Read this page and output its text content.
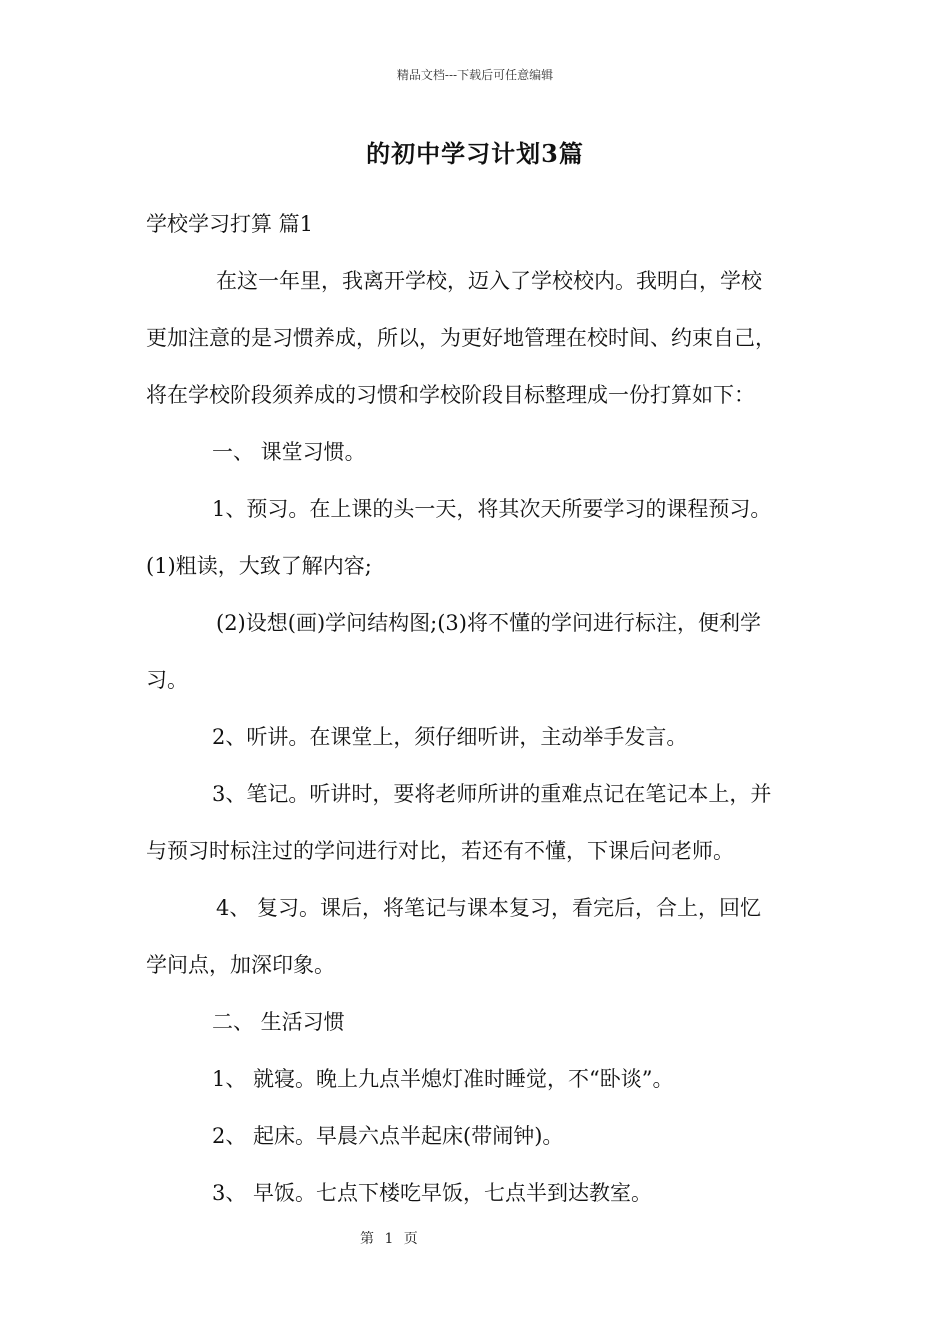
精品文档---下载后可任意编辑
的初中学习计划3篇
学校学习打算 篇1
在这一年里，我离开学校，迈入了学校校内。我明白，学校
更加注意的是习惯养成，所以，为更好地管理在校时间、约束自己，
将在学校阶段须养成的习惯和学校阶段目标整理成一份打算如下：
一、 课堂习惯。
1、预习。在上课的头一天，将其次天所要学习的课程预习。
(1)粗读，大致了解内容;
(2)设想(画)学问结构图;(3)将不懂的学问进行标注，便利学
习。
2、听讲。在课堂上，须仔细听讲，主动举手发言。
3、笔记。听讲时，要将老师所讲的重难点记在笔记本上，并
与预习时标注过的学问进行对比，若还有不懂，下课后问老师。
4、 复习。课后，将笔记与课本复习，看完后，合上，回忆
学问点，加深印象。
二、 生活习惯
1、 就寝。晚上九点半熄灯准时睡觉，不“卧谈”。
2、 起床。早晨六点半起床(带闹钟)。
3、 早饭。七点下楼吃早饭，七点半到达教室。
第 1 页
